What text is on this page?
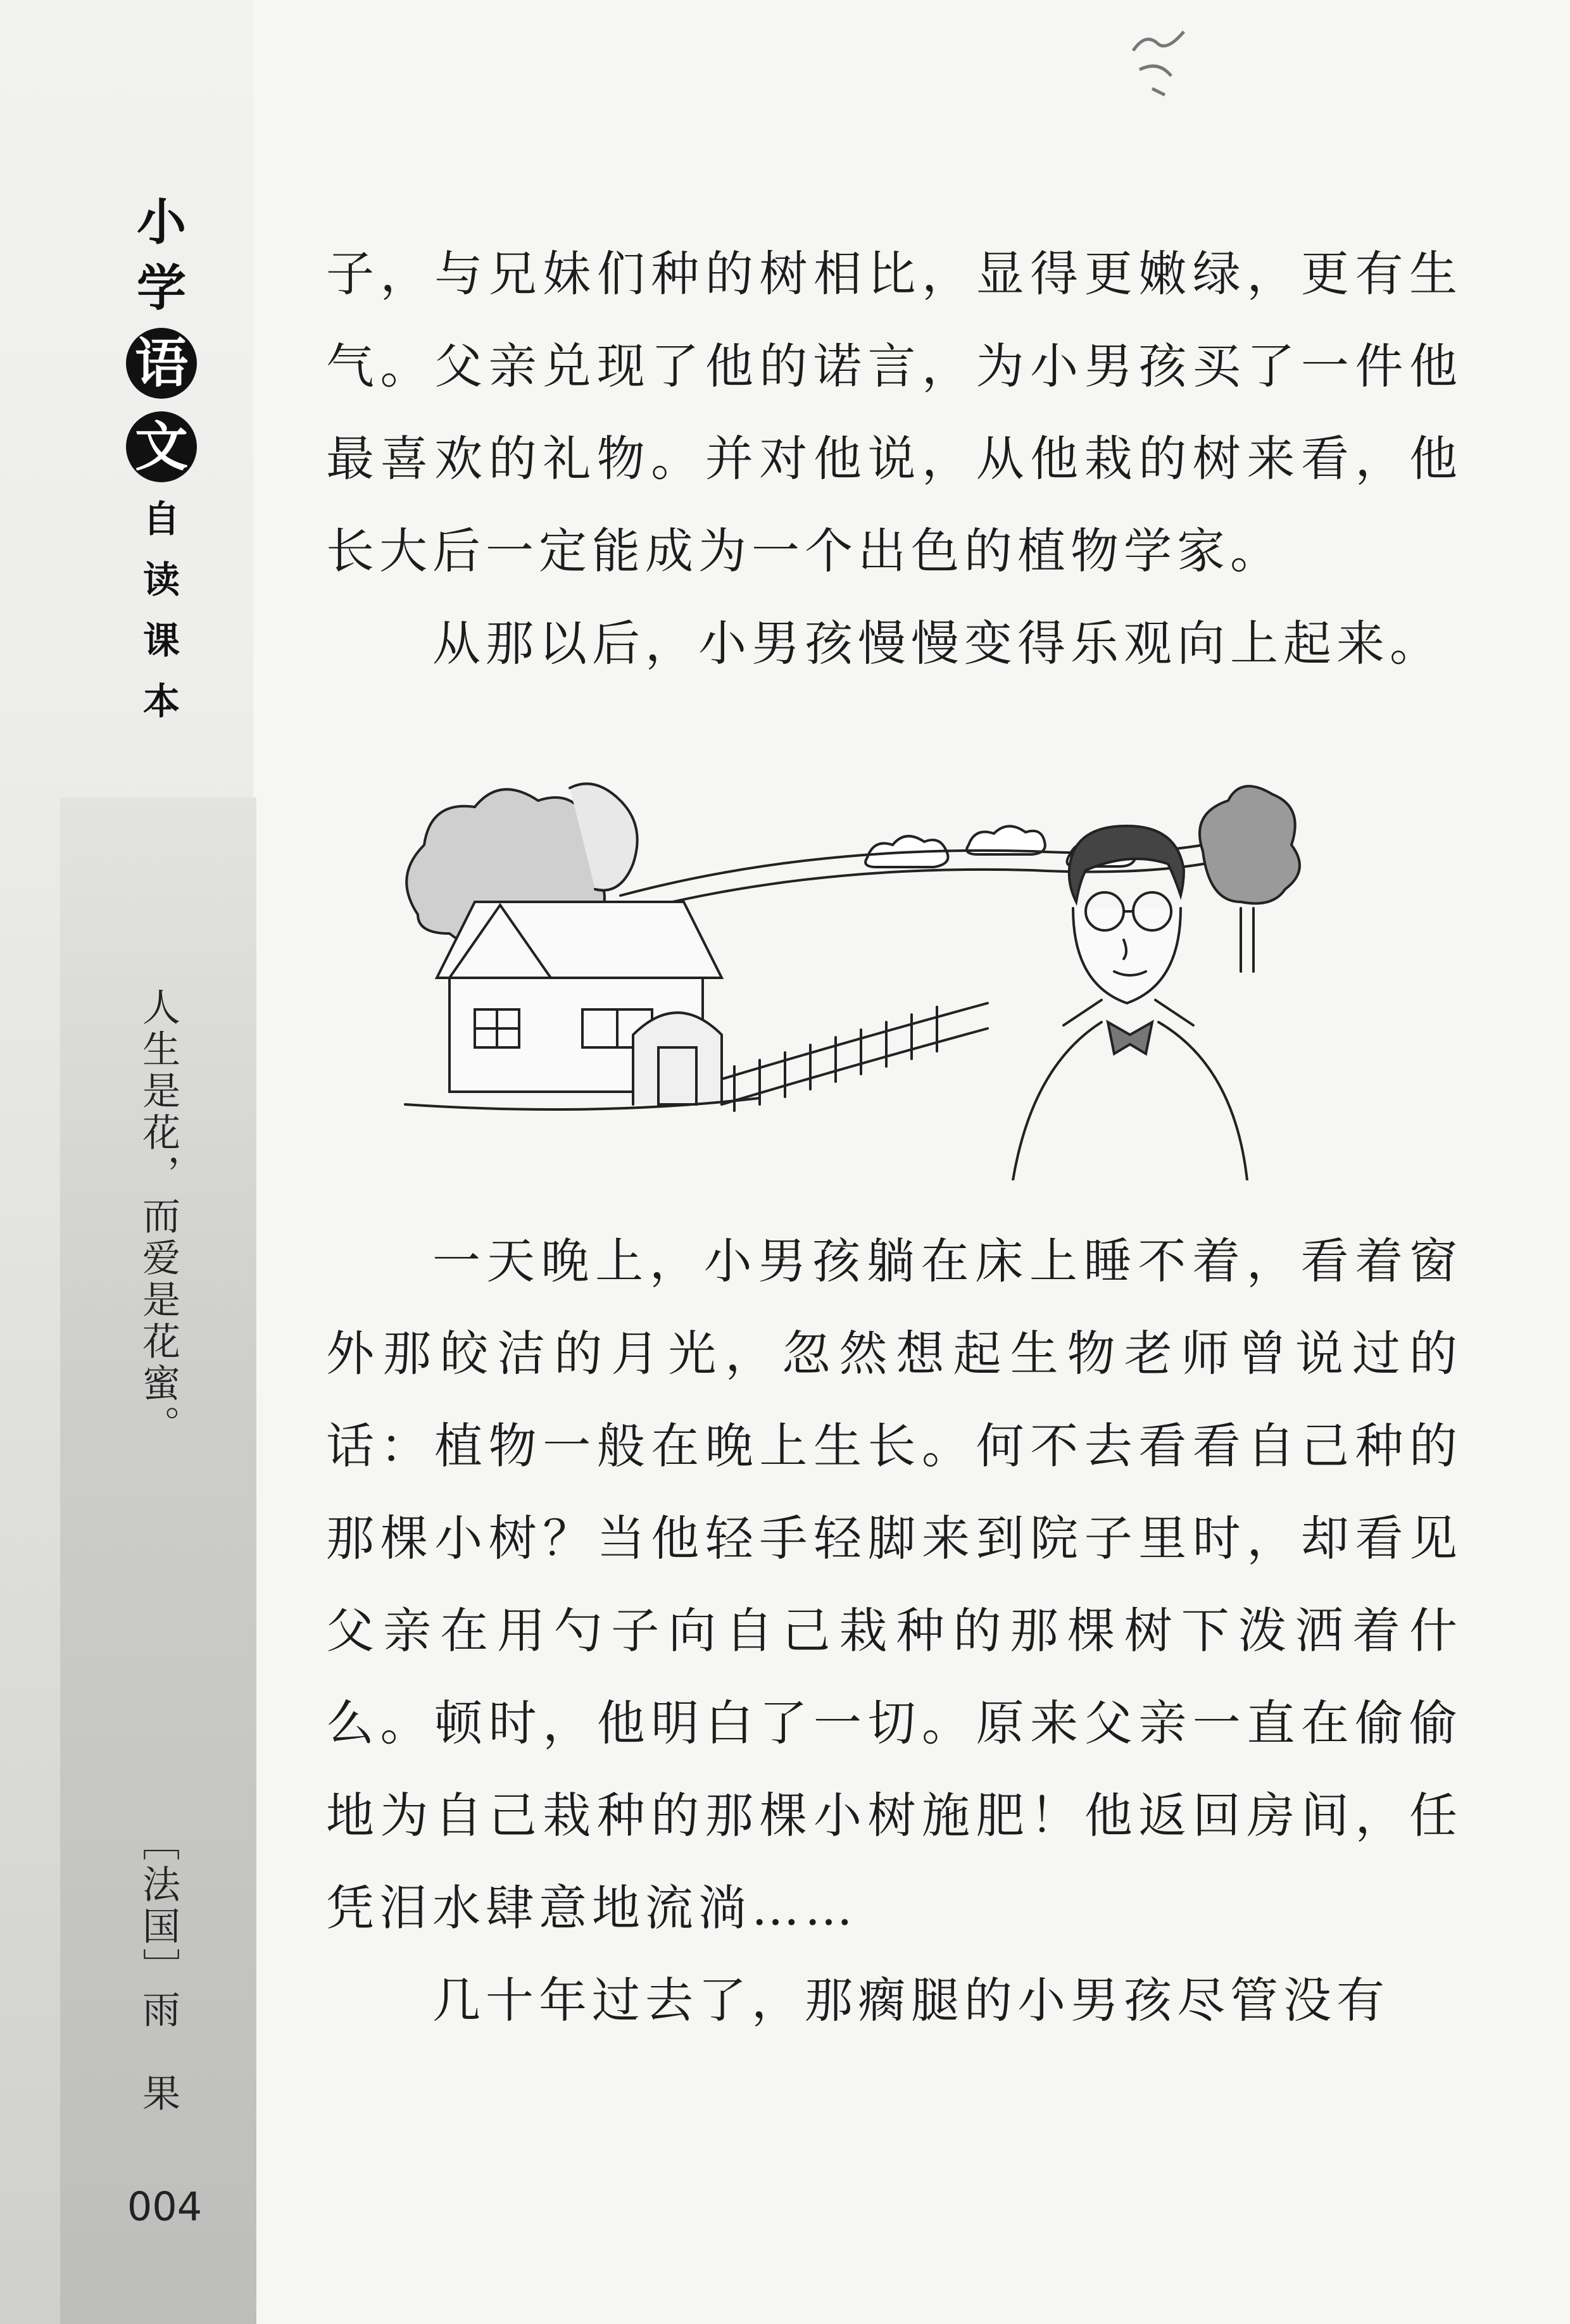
小
学
语
文
自
读
课
本
人生是花，而爱是花蜜。
［法国］雨　果
004

子，与兄妹们种的树相比，显得更嫩绿，更有生气。父亲兑现了他的诺言，为小男孩买了一件他最喜欢的礼物。并对他说，从他栽的树来看，他长大后一定能成为一个出色的植物学家。

从那以后，小男孩慢慢变得乐观向上起来。

一天晚上，小男孩躺在床上睡不着，看着窗外那皎洁的月光，忽然想起生物老师曾说过的话：植物一般在晚上生长。何不去看看自己种的那棵小树？当他轻手轻脚来到院子里时，却看见父亲在用勺子向自己栽种的那棵树下泼洒着什么。顿时，他明白了一切。原来父亲一直在偷偷地为自己栽种的那棵小树施肥！他返回房间，任凭泪水肆意地流淌……

几十年过去了，那瘸腿的小男孩尽管没有
